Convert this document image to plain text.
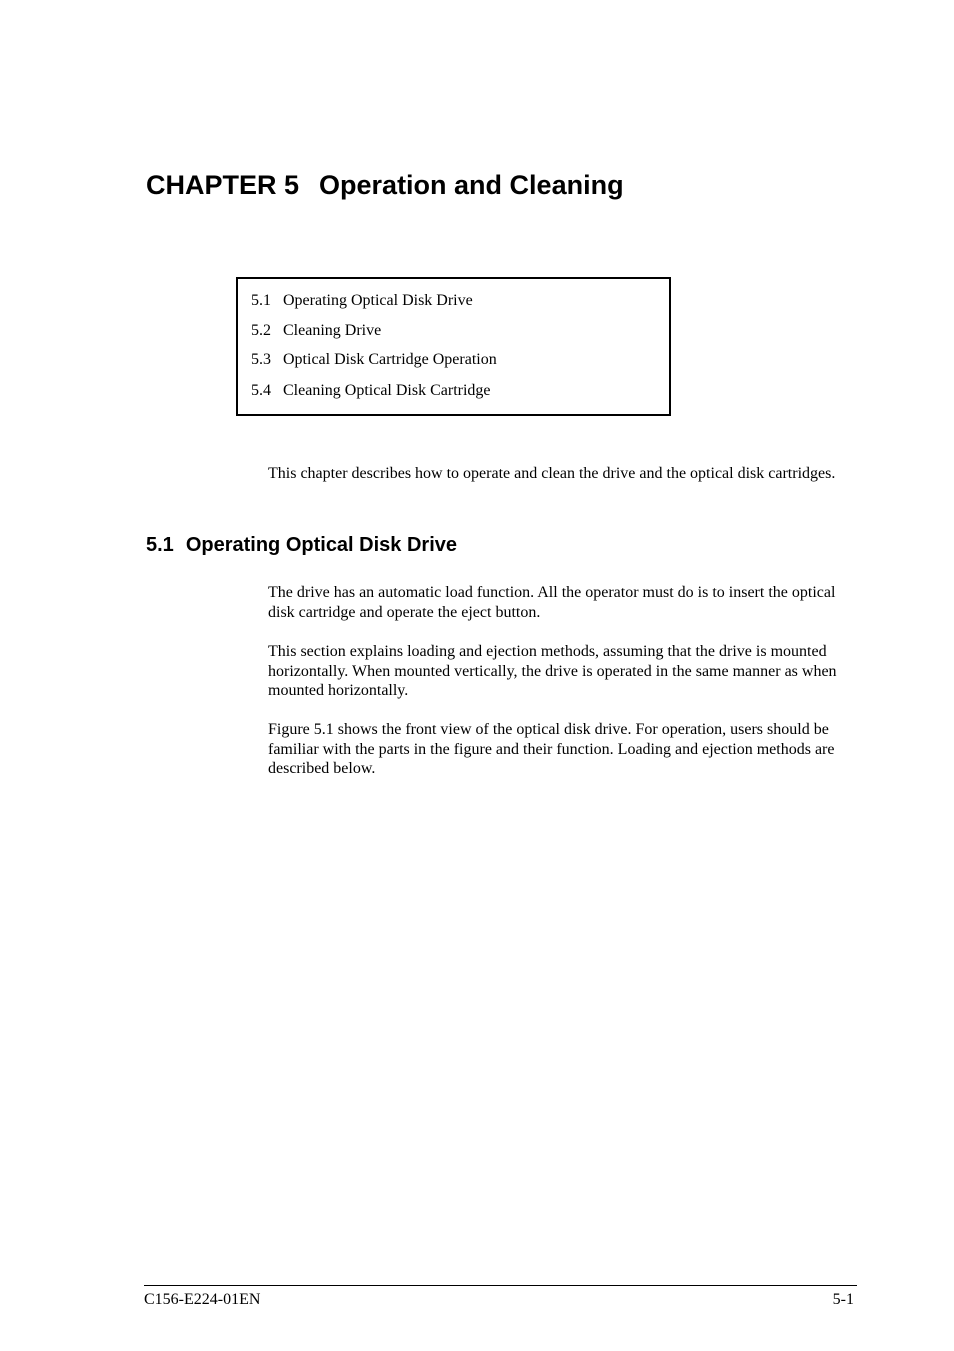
CHAPTER 5 Operation and Cleaning
5.1 Operating Optical Disk Drive
5.2 Cleaning Drive
5.3 Optical Disk Cartridge Operation
5.4 Cleaning Optical Disk Cartridge

This chapter describes how to operate and clean the drive and the optical disk cartridges.

5.1 Operating Optical Disk Drive

The drive has an automatic load function. All the operator must do is to insert the optical disk cartridge and operate the eject button.

This section explains loading and ejection methods, assuming that the drive is mounted horizontally. When mounted vertically, the drive is operated in the same manner as when mounted horizontally.

Figure 5.1 shows the front view of the optical disk drive. For operation, users should be familiar with the parts in the figure and their function. Loading and ejection methods are described below.

C156-E224-01EN	5-1
